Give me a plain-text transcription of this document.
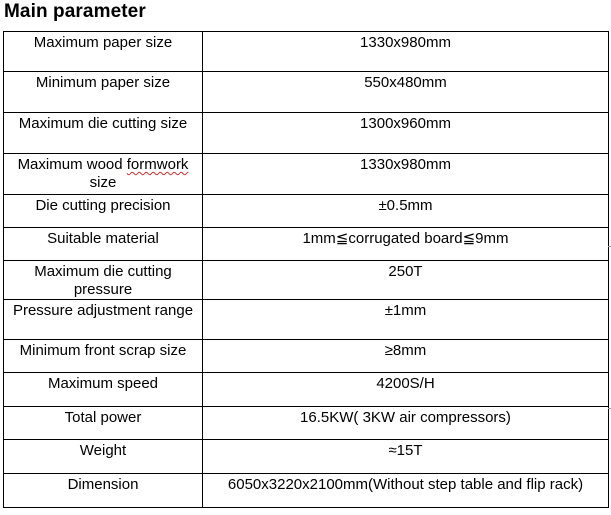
Main parameter
Maximum paper size	1330x980mm
Minimum paper size	550x480mm
Maximum die cutting size	1300x960mm
Maximum wood formwork size	1330x980mm
Die cutting precision	±0.5mm
Suitable material	1mm≦corrugated board≦9mm
Maximum die cutting pressure	250T
Pressure adjustment range	±1mm
Minimum front scrap size	≥8mm
Maximum speed	4200S/H
Total power	16.5KW( 3KW air compressors)
Weight	≈15T
Dimension	6050x3220x2100mm(Without step table and flip rack)
